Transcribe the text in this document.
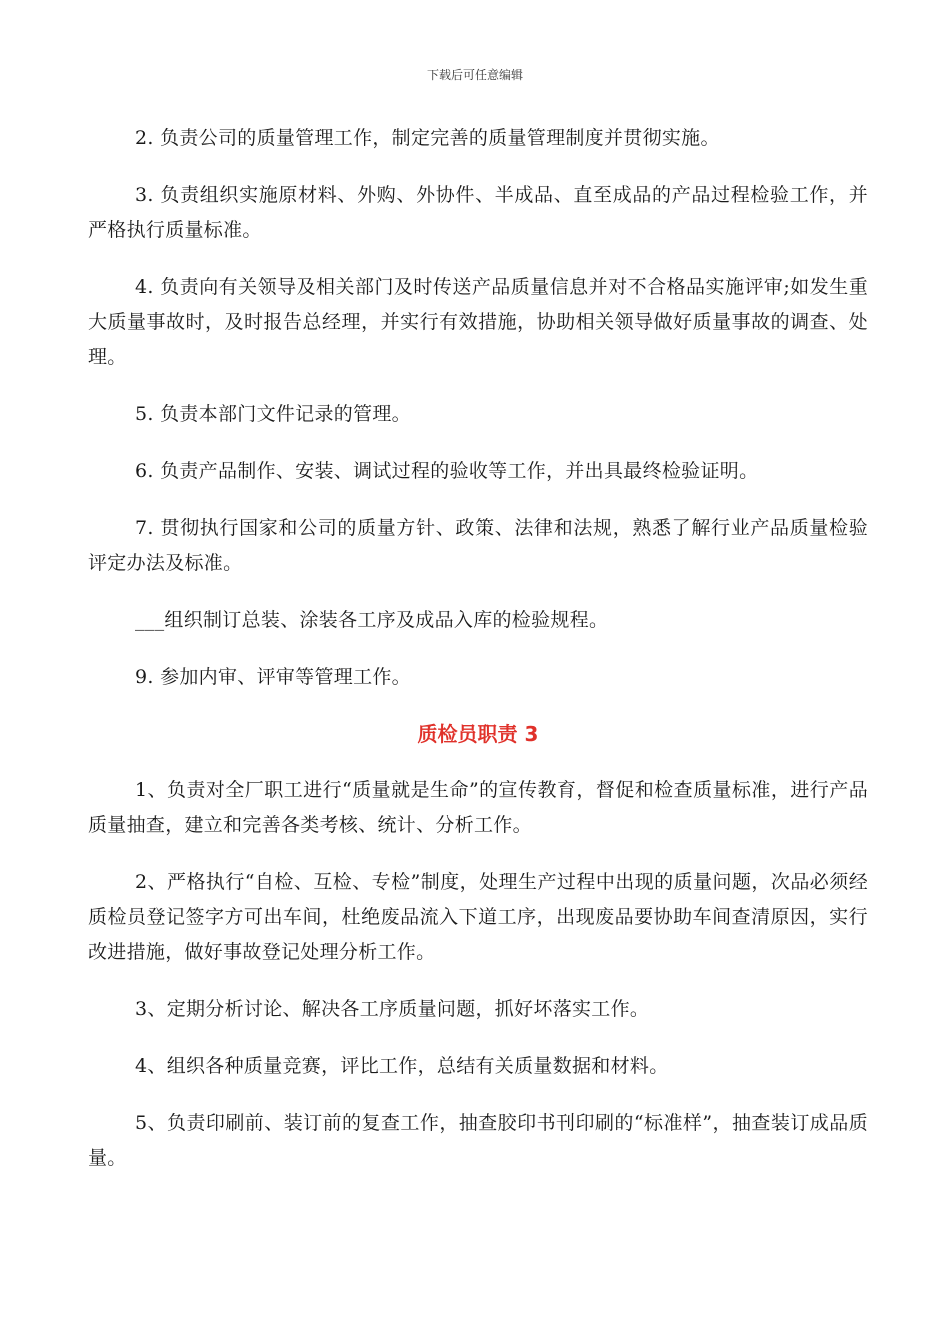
下载后可任意编辑

2. 负责公司的质量管理工作，制定完善的质量管理制度并贯彻实施。

3. 负责组织实施原材料、外购、外协件、半成品、直至成品的产品过程检验工作，并严格执行质量标准。

4. 负责向有关领导及相关部门及时传送产品质量信息并对不合格品实施评审;如发生重大质量事故时，及时报告总经理，并实行有效措施，协助相关领导做好质量事故的调查、处理。

5. 负责本部门文件记录的管理。

6. 负责产品制作、安装、调试过程的验收等工作，并出具最终检验证明。

7. 贯彻执行国家和公司的质量方针、政策、法律和法规，熟悉了解行业产品质量检验评定办法及标准。

___组织制订总装、涂装各工序及成品入库的检验规程。

9. 参加内审、评审等管理工作。

质检员职责 3

1、负责对全厂职工进行“质量就是生命”的宣传教育，督促和检查质量标准，进行产品质量抽查，建立和完善各类考核、统计、分析工作。

2、严格执行“自检、互检、专检”制度，处理生产过程中出现的质量问题，次品必须经质检员登记签字方可出车间，杜绝废品流入下道工序，出现废品要协助车间查清原因，实行改进措施，做好事故登记处理分析工作。

3、定期分析讨论、解决各工序质量问题，抓好坏落实工作。

4、组织各种质量竞赛，评比工作，总结有关质量数据和材料。

5、负责印刷前、装订前的复查工作，抽查胶印书刊印刷的“标准样”，抽查装订成品质量。
